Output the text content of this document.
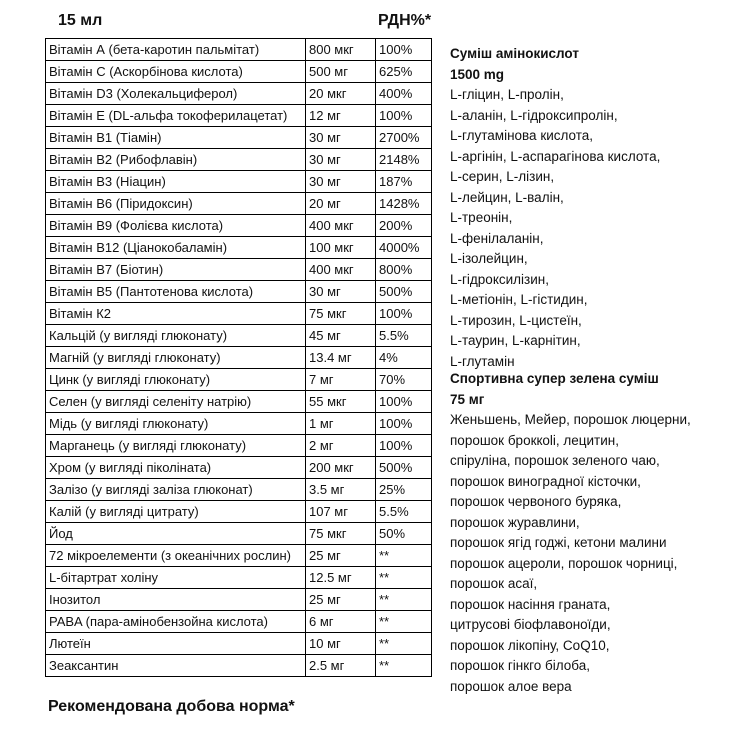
15 мл	РДН%*
Вітамін А (бета-каротин пальмітат)	800 мкг	100%
Вітамін С (Аскорбінова кислота)	500 мг	625%
Вітамін D3 (Холекальциферол)	20 мкг	400%
Вітамін Е (DL-альфа токоферилацетат)	12 мг	100%
Вітамін В1 (Тіамін)	30 мг	2700%
Вітамін В2 (Рибофлавін)	30 мг	2148%
Вітамін В3 (Ніацин)	30 мг	187%
Вітамін В6 (Піридоксин)	20 мг	1428%
Вітамін В9 (Фолієва кислота)	400 мкг	200%
Вітамін В12 (Ціанокобаламін)	100 мкг	4000%
Вітамін В7 (Біотин)	400 мкг	800%
Вітамін В5 (Пантотенова кислота)	30 мг	500%
Вітамін К2	75 мкг	100%
Кальцій (у вигляді глюконату)	45 мг	5.5%
Магній (у вигляді глюконату)	13.4 мг	4%
Цинк (у вигляді глюконату)	7 мг	70%
Селен (у вигляді селеніту натрію)	55 мкг	100%
Мідь (у вигляді глюконату)	1 мг	100%
Марганець (у вигляді глюконату)	2 мг	100%
Хром (у вигляді піколіната)	200 мкг	500%
Залізо (у вигляді заліза глюконат)	3.5 мг	25%
Калій (у вигляді цитрату)	107 мг	5.5%
Йод	75 мкг	50%
72 мікроелементи (з океанічних рослин)	25 мг	**
L-бітартрат холіну	12.5 мг	**
Інозитол	25 мг	**
PABA (пара-амінобензойна кислота)	6 мг	**
Лютеїн	10 мг	**
Зеаксантин	2.5 мг	**
Рекомендована добова норма*
Суміш амінокислот
1500 mg
L-гліцин, L-пролін,
L-аланін, L-гідроксипролін,
L-глутамінова кислота,
L-аргінін, L-аспарагінова кислота,
L-серин, L-лізин,
L-лейцин, L-валін,
L-треонін,
L-фенілаланін,
L-ізолейцин,
L-гідроксилізин,
L-метіонін, L-гістидин,
L-тирозин, L-цистеїн,
L-таурин, L-карнітин,
L-глутамін
Спортивна супер зелена суміш
75 мг
Женьшень, Мейер, порошок люцерни,
порошок броккolі, лецитин,
спіруліна, порошок зеленого чаю,
порошок виноградної кісточки,
порошок червоного буряка,
порошок журавлини,
порошок ягід годжі, кетони малини
порошок ацероли, порошок чорниці,
порошок асаї,
порошок насіння граната,
цитрусові біофлавоноїди,
порошок лікопіну, CoQ10,
порошок гінкго білоба,
порошок алое вера
